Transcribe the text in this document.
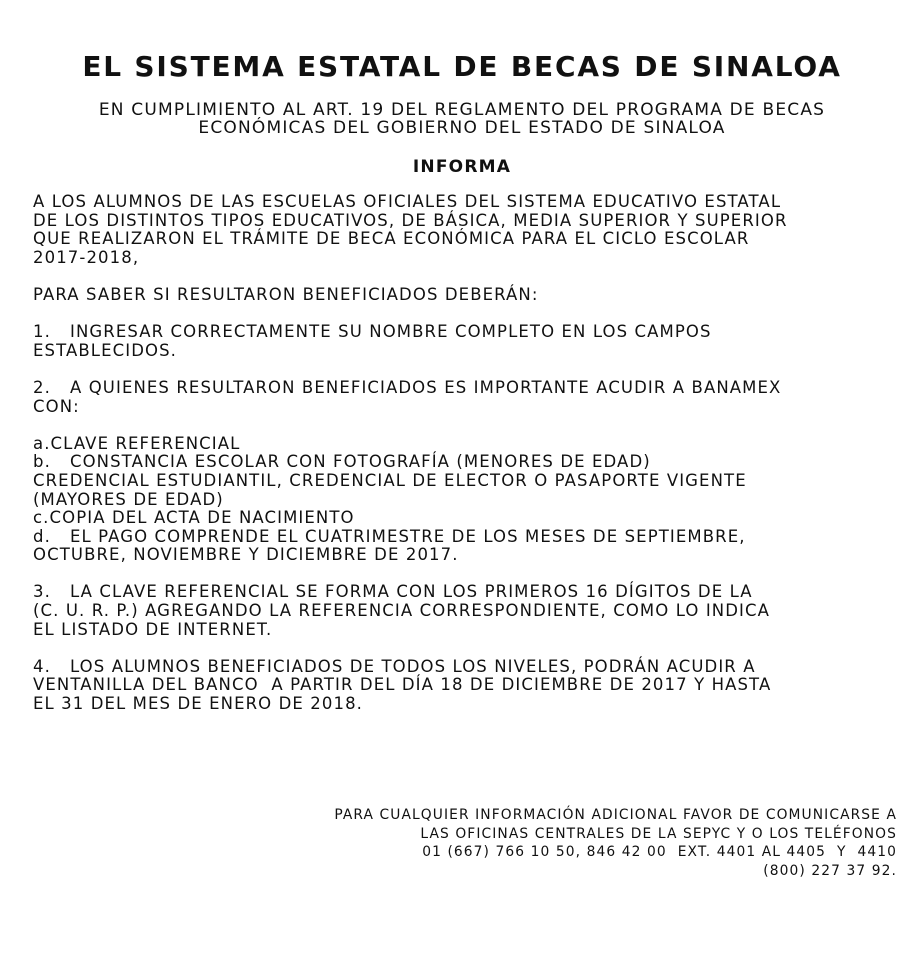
EL SISTEMA ESTATAL DE BECAS DE SINALOA
EN CUMPLIMIENTO AL ART. 19 DEL REGLAMENTO DEL PROGRAMA DE BECAS
ECONÓMICAS DEL GOBIERNO DEL ESTADO DE SINALOA
INFORMA

A LOS ALUMNOS DE LAS ESCUELAS OFICIALES DEL SISTEMA EDUCATIVO ESTATAL
DE LOS DISTINTOS TIPOS EDUCATIVOS, DE BÁSICA, MEDIA SUPERIOR Y SUPERIOR
QUE REALIZARON EL TRÁMITE DE BECA ECONÓMICA PARA EL CICLO ESCOLAR
2017-2018,

PARA SABER SI RESULTARON BENEFICIADOS DEBERÁN:

1.   INGRESAR CORRECTAMENTE SU NOMBRE COMPLETO EN LOS CAMPOS
ESTABLECIDOS.

2.   A QUIENES RESULTARON BENEFICIADOS ES IMPORTANTE ACUDIR A BANAMEX
CON:

a.CLAVE REFERENCIAL
b.   CONSTANCIA ESCOLAR CON FOTOGRAFÍA (MENORES DE EDAD)
CREDENCIAL ESTUDIANTIL, CREDENCIAL DE ELECTOR O PASAPORTE VIGENTE
(MAYORES DE EDAD)
c.COPIA DEL ACTA DE NACIMIENTO
d.   EL PAGO COMPRENDE EL CUATRIMESTRE DE LOS MESES DE SEPTIEMBRE,
OCTUBRE, NOVIEMBRE Y DICIEMBRE DE 2017.

3.   LA CLAVE REFERENCIAL SE FORMA CON LOS PRIMEROS 16 DÍGITOS DE LA
(C. U. R. P.) AGREGANDO LA REFERENCIA CORRESPONDIENTE, COMO LO INDICA
EL LISTADO DE INTERNET.

4.   LOS ALUMNOS BENEFICIADOS DE TODOS LOS NIVELES, PODRÁN ACUDIR A
VENTANILLA DEL BANCO  A PARTIR DEL DÍA 18 DE DICIEMBRE DE 2017 Y HASTA
EL 31 DEL MES DE ENERO DE 2018.

PARA CUALQUIER INFORMACIÓN ADICIONAL FAVOR DE COMUNICARSE A
LAS OFICINAS CENTRALES DE LA SEPYC Y O LOS TELÉFONOS
01 (667) 766 10 50, 846 42 00  EXT. 4401 AL 4405  Y  4410
(800) 227 37 92.
